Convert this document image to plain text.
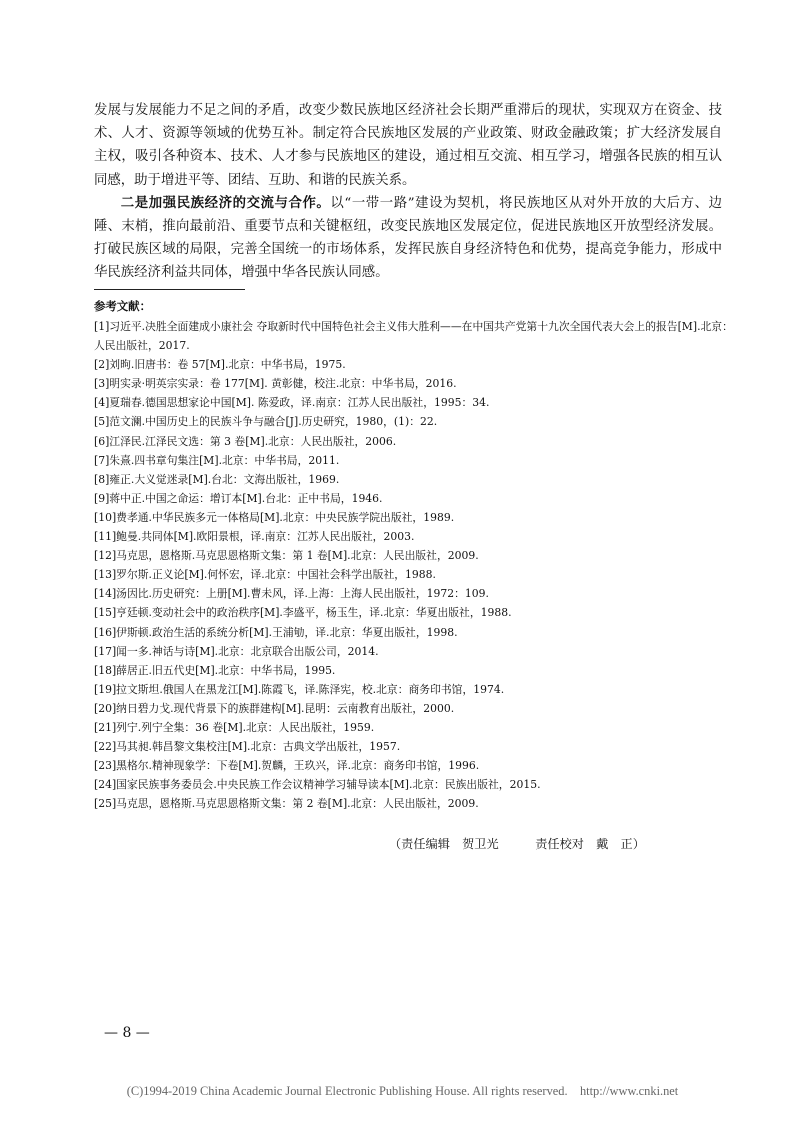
发展与发展能力不足之间的矛盾，改变少数民族地区经济社会长期严重滞后的现状，实现双方在资金、技术、人才、资源等领域的优势互补。制定符合民族地区发展的产业政策、财政金融政策；扩大经济发展自主权，吸引各种资本、技术、人才参与民族地区的建设，通过相互交流、相互学习，增强各民族的相互认同感，助于增进平等、团结、互助、和谐的民族关系。

二是加强民族经济的交流与合作。以“一带一路”建设为契机，将民族地区从对外开放的大后方、边陲、末梢，推向最前沿、重要节点和关键枢纽，改变民族地区发展定位，促进民族地区开放型经济发展。打破民族区域的局限，完善全国统一的市场体系，发挥民族自身经济特色和优势，提高竞争能力，形成中华民族经济利益共同体，增强中华各民族认同感。

参考文献：

[1]习近平.决胜全面建成小康社会 夺取新时代中国特色社会主义伟大胜利——在中国共产党第十九次全国代表大会上的报告[M].北京：人民出版社，2017.

[2]刘昫.旧唐书：卷 57[M].北京：中华书局，1975.

[3]明实录·明英宗实录：卷 177[M]. 黄彰健，校注.北京：中华书局，2016.

[4]夏瑞春.德国思想家论中国[M]. 陈爱政，译.南京：江苏人民出版社，1995：34.

[5]范文澜.中国历史上的民族斗争与融合[J].历史研究，1980，(1)：22.

[6]江泽民.江泽民文选：第 3 卷[M].北京：人民出版社，2006.

[7]朱熹.四书章句集注[M].北京：中华书局，2011.

[8]雍正.大义觉迷录[M].台北：文海出版社，1969.

[9]蒋中正.中国之命运：增订本[M].台北：正中书局，1946.

[10]费孝通.中华民族多元一体格局[M].北京：中央民族学院出版社，1989.

[11]鲍曼.共同体[M].欧阳景根，译.南京：江苏人民出版社，2003.

[12]马克思，恩格斯.马克思恩格斯文集：第 1 卷[M].北京：人民出版社，2009.

[13]罗尔斯.正义论[M].何怀宏，译.北京：中国社会科学出版社，1988.

[14]汤因比.历史研究：上册[M].曹未风，译.上海：上海人民出版社，1972：109.

[15]亨廷顿.变动社会中的政治秩序[M].李盛平，杨玉生，译.北京：华夏出版社，1988.

[16]伊斯顿.政治生活的系统分析[M].王浦劬，译.北京：华夏出版社，1998.

[17]闻一多.神话与诗[M].北京：北京联合出版公司，2014.

[18]薛居正.旧五代史[M].北京：中华书局，1995.

[19]拉文斯坦.俄国人在黑龙江[M].陈霞飞，译.陈泽宪，校.北京：商务印书馆，1974.

[20]纳日碧力戈.现代背景下的族群建构[M].昆明：云南教育出版社，2000.

[21]列宁.列宁全集：36 卷[M].北京：人民出版社，1959.

[22]马其昶.韩昌黎文集校注[M].北京：古典文学出版社，1957.

[23]黑格尔.精神现象学：下卷[M].贺麟，王玖兴，译.北京：商务印书馆，1996.

[24]国家民族事务委员会.中央民族工作会议精神学习辅导读本[M].北京：民族出版社，2015.

[25]马克思，恩格斯.马克思恩格斯文集：第 2 卷[M].北京：人民出版社，2009.

（责任编辑　贺卫光　　　责任校对　戴　正）
— 8 —
(C)1994-2019 China Academic Journal Electronic Publishing House. All rights reserved.    http://www.cnki.net
